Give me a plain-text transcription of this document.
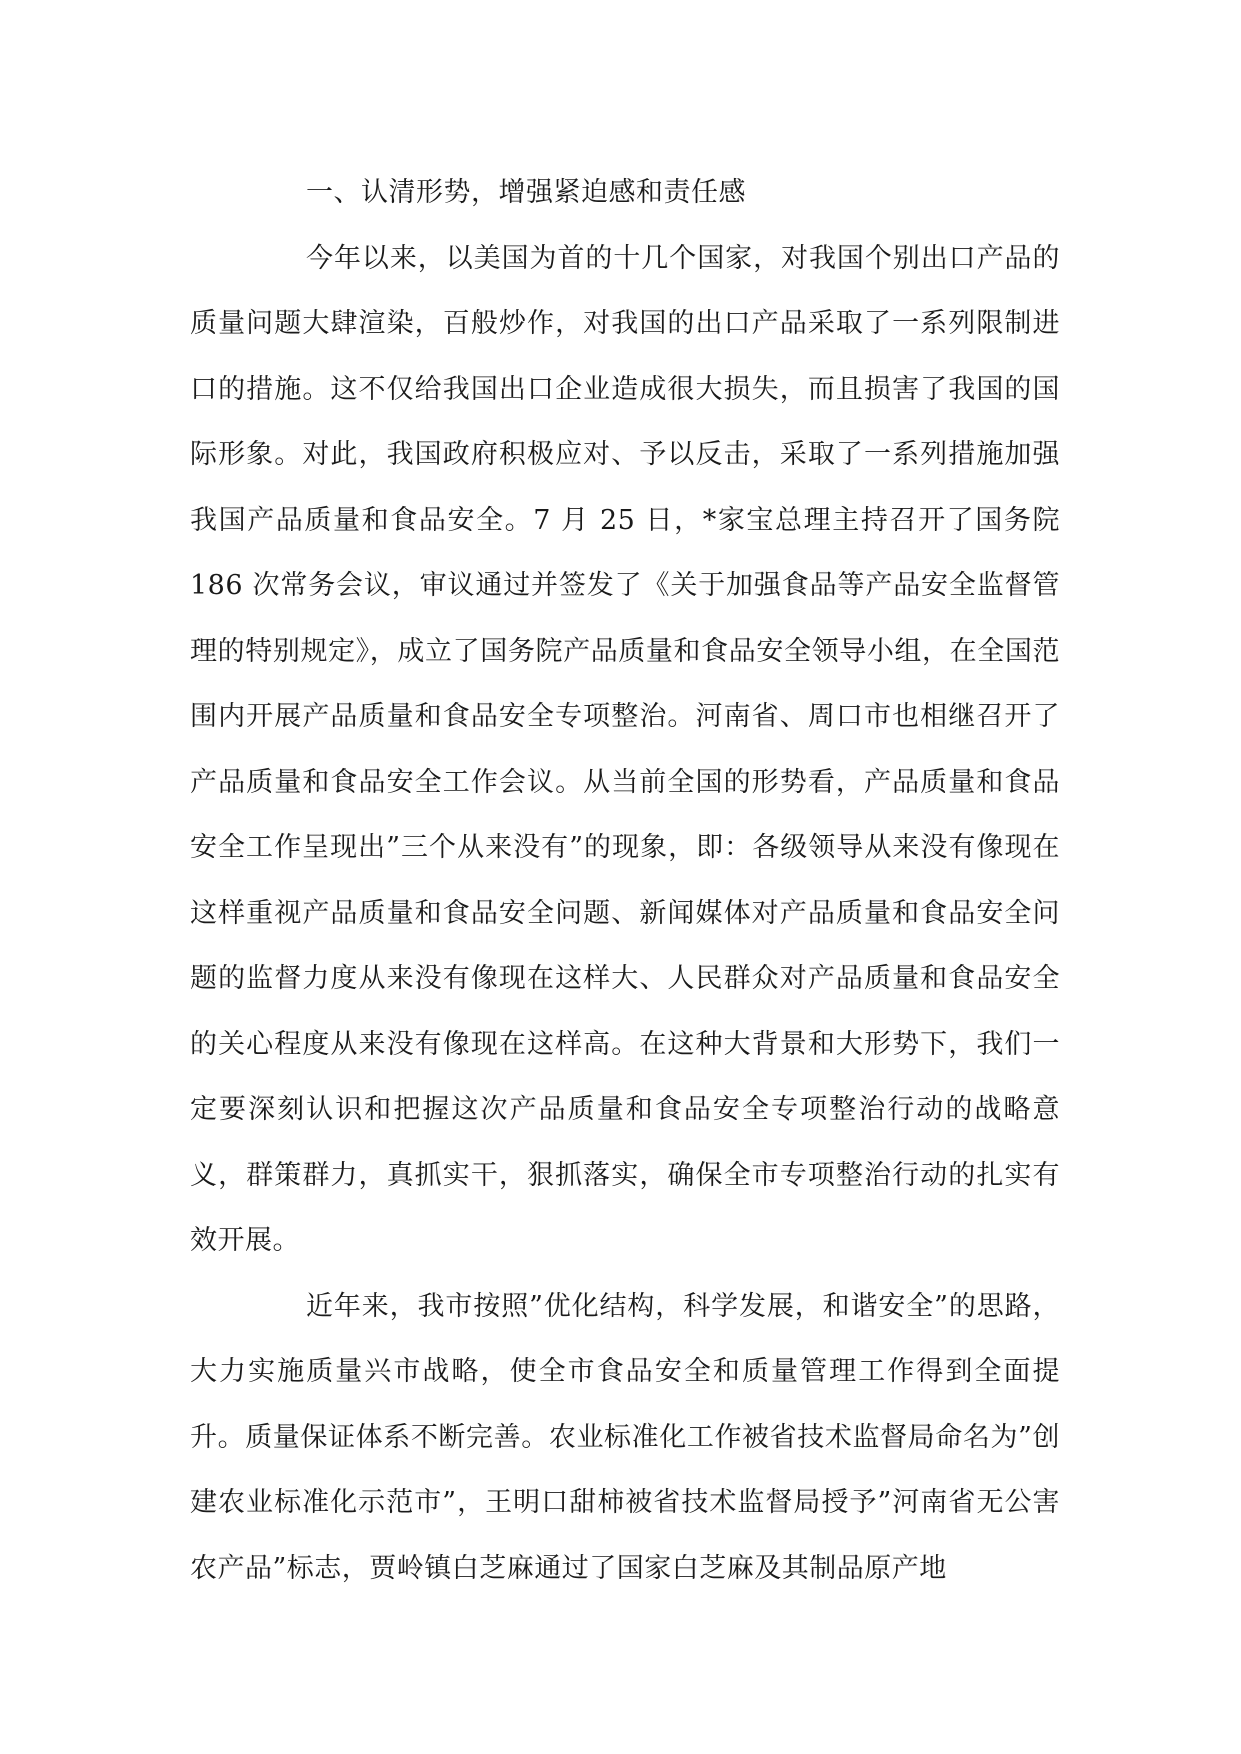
一、认清形势，增强紧迫感和责任感

今年以来，以美国为首的十几个国家，对我国个别出口产品的质量问题大肆渲染，百般炒作，对我国的出口产品采取了一系列限制进口的措施。这不仅给我国出口企业造成很大损失，而且损害了我国的国际形象。对此，我国政府积极应对、予以反击，采取了一系列措施加强我国产品质量和食品安全。7 月 25 日，*家宝总理主持召开了国务院 186 次常务会议，审议通过并签发了《关于加强食品等产品安全监督管理的特别规定》，成立了国务院产品质量和食品安全领导小组，在全国范围内开展产品质量和食品安全专项整治。河南省、周口市也相继召开了产品质量和食品安全工作会议。从当前全国的形势看，产品质量和食品安全工作呈现出”三个从来没有”的现象，即：各级领导从来没有像现在这样重视产品质量和食品安全问题、新闻媒体对产品质量和食品安全问题的监督力度从来没有像现在这样大、人民群众对产品质量和食品安全的关心程度从来没有像现在这样高。在这种大背景和大形势下，我们一定要深刻认识和把握这次产品质量和食品安全专项整治行动的战略意义，群策群力，真抓实干，狠抓落实，确保全市专项整治行动的扎实有效开展。

近年来，我市按照”优化结构，科学发展，和谐安全”的思路，大力实施质量兴市战略，使全市食品安全和质量管理工作得到全面提升。质量保证体系不断完善。农业标准化工作被省技术监督局命名为”创建农业标准化示范市”，王明口甜柿被省技术监督局授予”河南省无公害农产品”标志，贾岭镇白芝麻通过了国家白芝麻及其制品原产地
